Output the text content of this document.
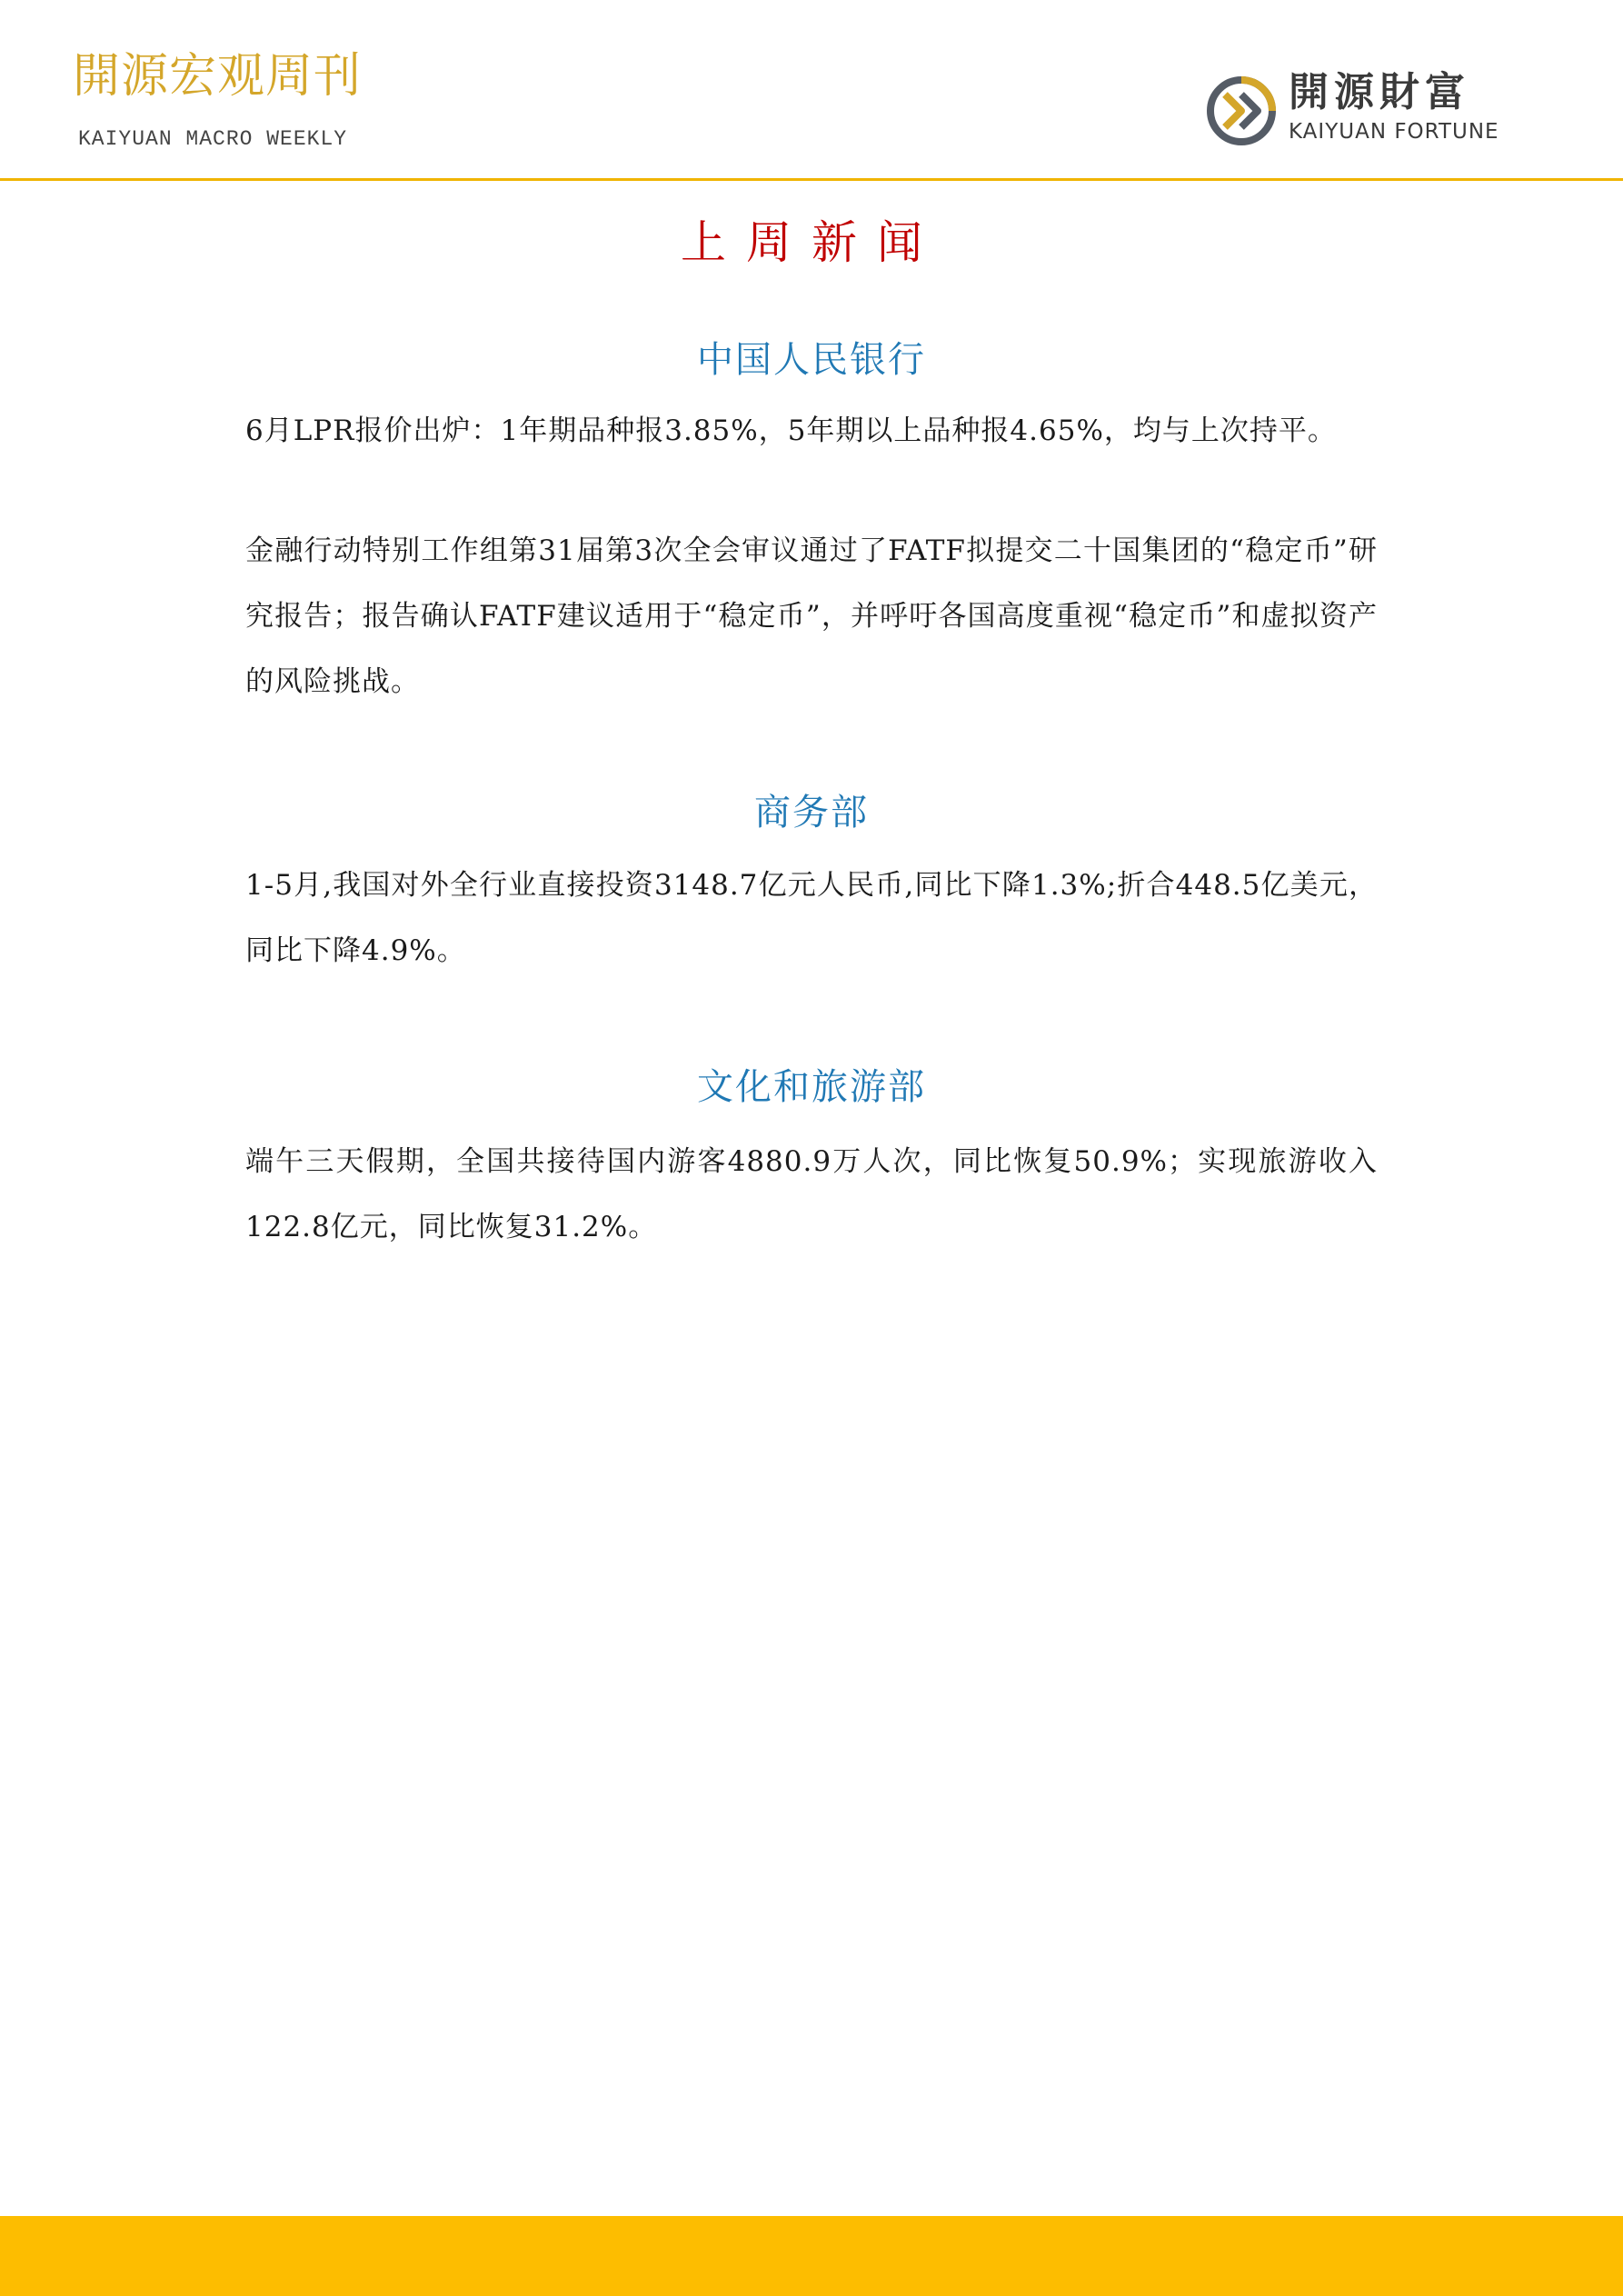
開源宏观周刊
KAIYUAN MACRO WEEKLY
開源財富
KAIYUAN FORTUNE
上周新闻
中国人民银行

6月LPR报价出炉：1年期品种报3.85%，5年期以上品种报4.65%，均与上次持平。

金融行动特别工作组第31届第3次全会审议通过了FATF拟提交二十国集团的“稳定币”研究报告；报告确认FATF建议适用于“稳定币”，并呼吁各国高度重视“稳定币”和虚拟资产的风险挑战。

商务部

1-5月,我国对外全行业直接投资3148.7亿元人民币,同比下降1.3%;折合448.5亿美元，同比下降4.9%。

文化和旅游部

端午三天假期，全国共接待国内游客4880.9万人次，同比恢复50.9%；实现旅游收入122.8亿元，同比恢复31.2%。
